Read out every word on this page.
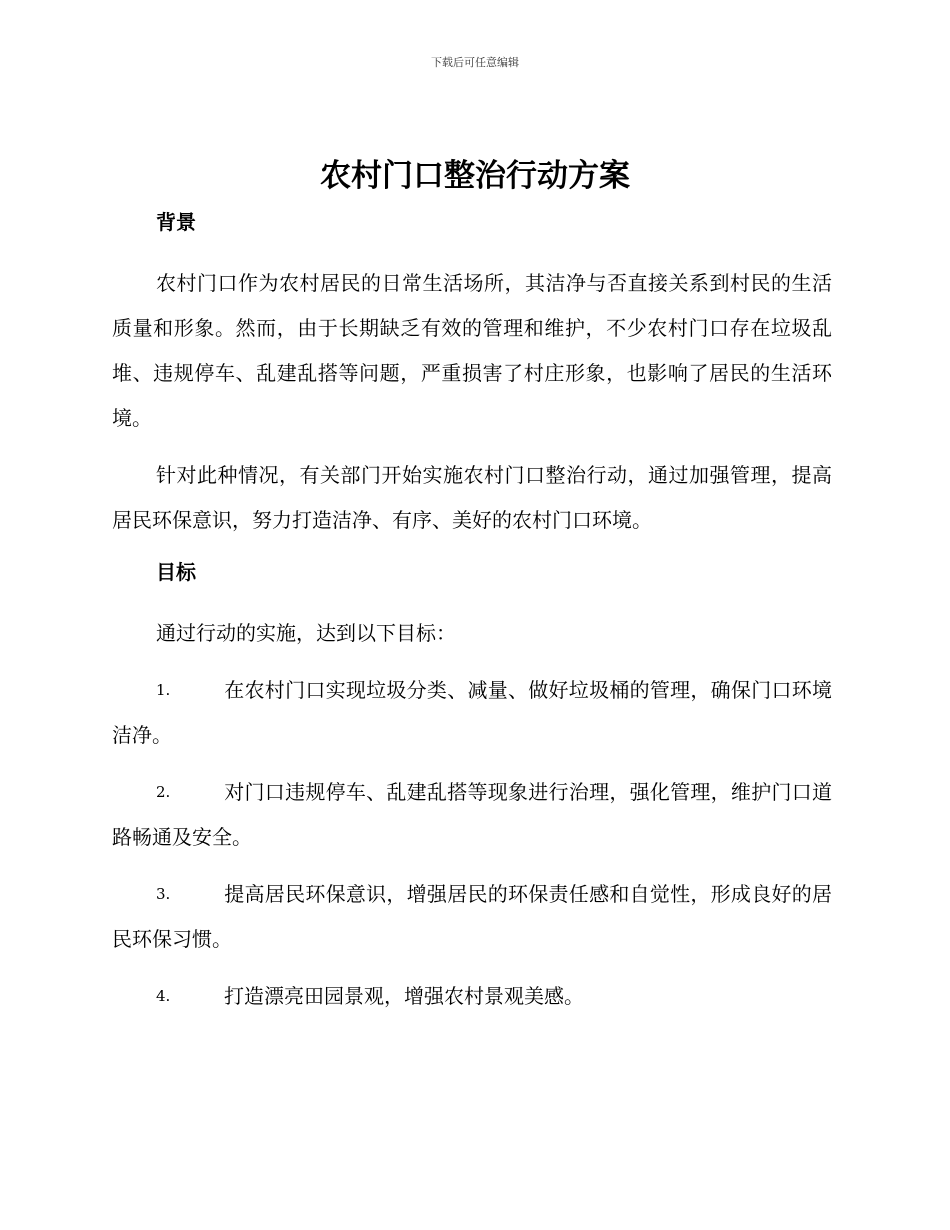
下载后可任意编辑
农村门口整治行动方案

背景

农村门口作为农村居民的日常生活场所，其洁净与否直接关系到村民的生活质量和形象。然而，由于长期缺乏有效的管理和维护，不少农村门口存在垃圾乱堆、违规停车、乱建乱搭等问题，严重损害了村庄形象，也影响了居民的生活环境。

针对此种情况，有关部门开始实施农村门口整治行动，通过加强管理，提高居民环保意识，努力打造洁净、有序、美好的农村门口环境。

目标

通过行动的实施，达到以下目标：

1.	在农村门口实现垃圾分类、减量、做好垃圾桶的管理，确保门口环境洁净。

2.	对门口违规停车、乱建乱搭等现象进行治理，强化管理，维护门口道路畅通及安全。

3.	提高居民环保意识，增强居民的环保责任感和自觉性，形成良好的居民环保习惯。

4.	打造漂亮田园景观，增强农村景观美感。
